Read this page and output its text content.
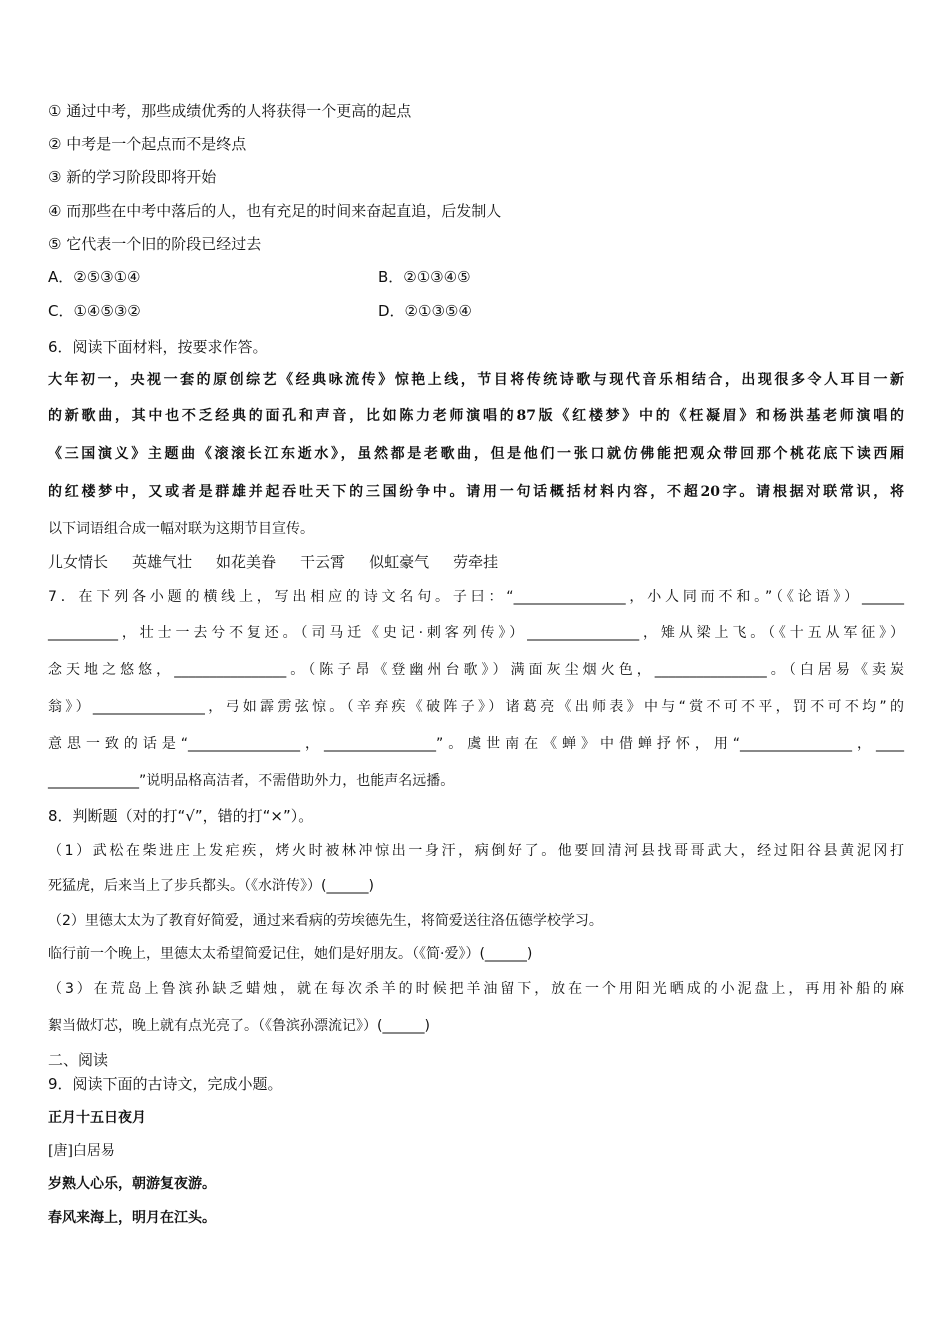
① 通过中考，那些成绩优秀的人将获得一个更高的起点
② 中考是一个起点而不是终点
③ 新的学习阶段即将开始
④ 而那些在中考中落后的人，也有充足的时间来奋起直追，后发制人
⑤ 它代表一个旧的阶段已经过去
A．②⑤③①④	B．②①③④⑤
C．①④⑤③②	D．②①③⑤④
6．阅读下面材料，按要求作答。
大年初一，央视一套的原创综艺《经典咏流传》惊艳上线，节目将传统诗歌与现代音乐相结合，出现很多令人耳目一新
的新歌曲，其中也不乏经典的面孔和声音，比如陈力老师演唱的87版《红楼梦》中的《枉凝眉》和杨洪基老师演唱的
《三国演义》主题曲《滚滚长江东逝水》，虽然都是老歌曲，但是他们一张口就仿佛能把观众带回那个桃花底下读西厢
的红楼梦中，又或者是群雄并起吞吐天下的三国纷争中。请用一句话概括材料内容，不超20字。请根据对联常识，将
以下词语组合成一幅对联为这期节目宣传。
儿女情长 英雄气壮 如花美眷 干云霄 似虹豪气 劳牵挂
7．在下列各小题的横线上，写出相应的诗文名句。子曰：“________________，小人同而不和。”（《论语》）______
__________，壮士一去兮不复还。（司马迁《史记·刺客列传》）________________，雉从梁上飞。（《十五从军征》）
念天地之悠悠，________________。（陈子昂《登幽州台歌》）满面灰尘烟火色，________________。（白居易《卖炭
翁》）________________，弓如霹雳弦惊。（辛弃疾《破阵子》）诸葛亮《出师表》中与“赏不可不平，罚不可不均”的
意思一致的话是“________________，________________”。虞世南在《蝉》中借蝉抒怀，用“________________，____
_____________”说明品格高洁者，不需借助外力，也能声名远播。
8．判断题（对的打“√”，错的打“×”）。
（1）武松在柴进庄上发疟疾，烤火时被林冲惊出一身汗，病倒好了。他要回清河县找哥哥武大，经过阳谷县黄泥冈打
死猛虎，后来当上了步兵都头。（《水浒传》）(______)
（2）里德太太为了教育好简爱，通过来看病的劳埃德先生，将简爱送往洛伍德学校学习。
临行前一个晚上，里德太太希望简爱记住，她们是好朋友。（《简·爱》）(______)
（3）在荒岛上鲁滨孙缺乏蜡烛，就在每次杀羊的时候把羊油留下，放在一个用阳光晒成的小泥盘上，再用补船的麻
絮当做灯芯，晚上就有点光亮了。（《鲁滨孙漂流记》）(______)
二、阅读
9．阅读下面的古诗文，完成小题。
正月十五日夜月
[唐]白居易
岁熟人心乐，朝游复夜游。
春风来海上，明月在江头。
